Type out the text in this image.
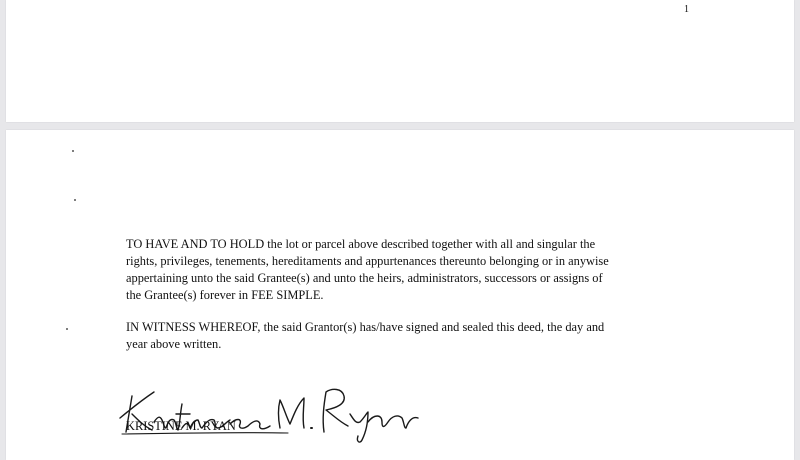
1

TO HAVE AND TO HOLD the lot or parcel above described together with all and singular the
rights, privileges, tenements, hereditaments and appurtenances thereunto belonging or in anywise
appertaining unto the said Grantee(s) and unto the heirs, administrators, successors or assigns of
the Grantee(s) forever in FEE SIMPLE.

IN WITNESS WHEREOF, the said Grantor(s) has/have signed and sealed this deed, the day and
year above written.

KRISTINE M. RYAN
